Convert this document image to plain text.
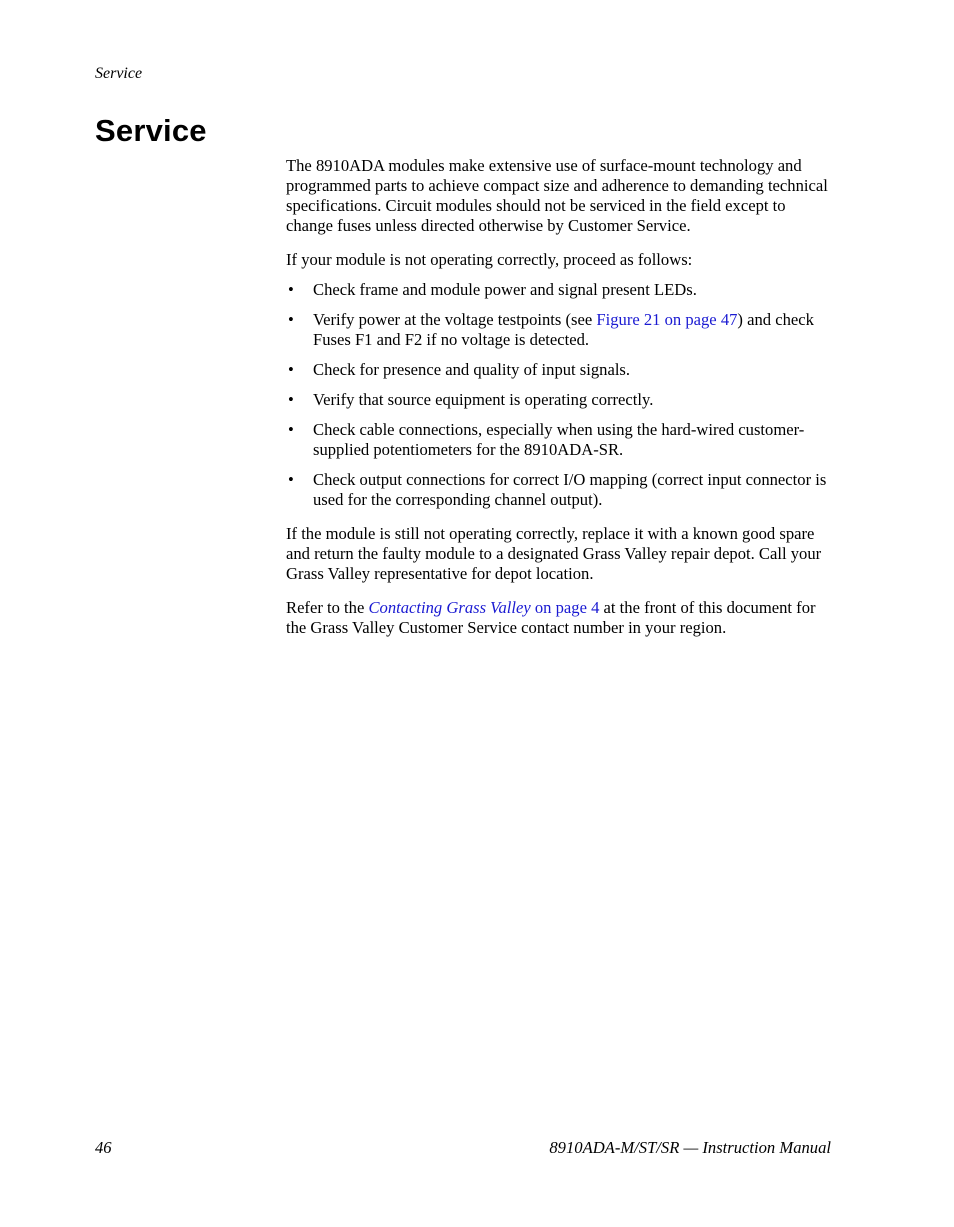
Service
Service

The 8910ADA modules make extensive use of surface-mount technology and programmed parts to achieve compact size and adherence to demanding technical specifications. Circuit modules should not be serviced in the field except to change fuses unless directed otherwise by Customer Service.

If your module is not operating correctly, proceed as follows:

• Check frame and module power and signal present LEDs.
• Verify power at the voltage testpoints (see Figure 21 on page 47) and check Fuses F1 and F2 if no voltage is detected.
• Check for presence and quality of input signals.
• Verify that source equipment is operating correctly.
• Check cable connections, especially when using the hard-wired customer-supplied potentiometers for the 8910ADA-SR.
• Check output connections for correct I/O mapping (correct input connector is used for the corresponding channel output).

If the module is still not operating correctly, replace it with a known good spare and return the faulty module to a designated Grass Valley repair depot. Call your Grass Valley representative for depot location.

Refer to the Contacting Grass Valley on page 4 at the front of this document for the Grass Valley Customer Service contact number in your region.

46	8910ADA-M/ST/SR — Instruction Manual
